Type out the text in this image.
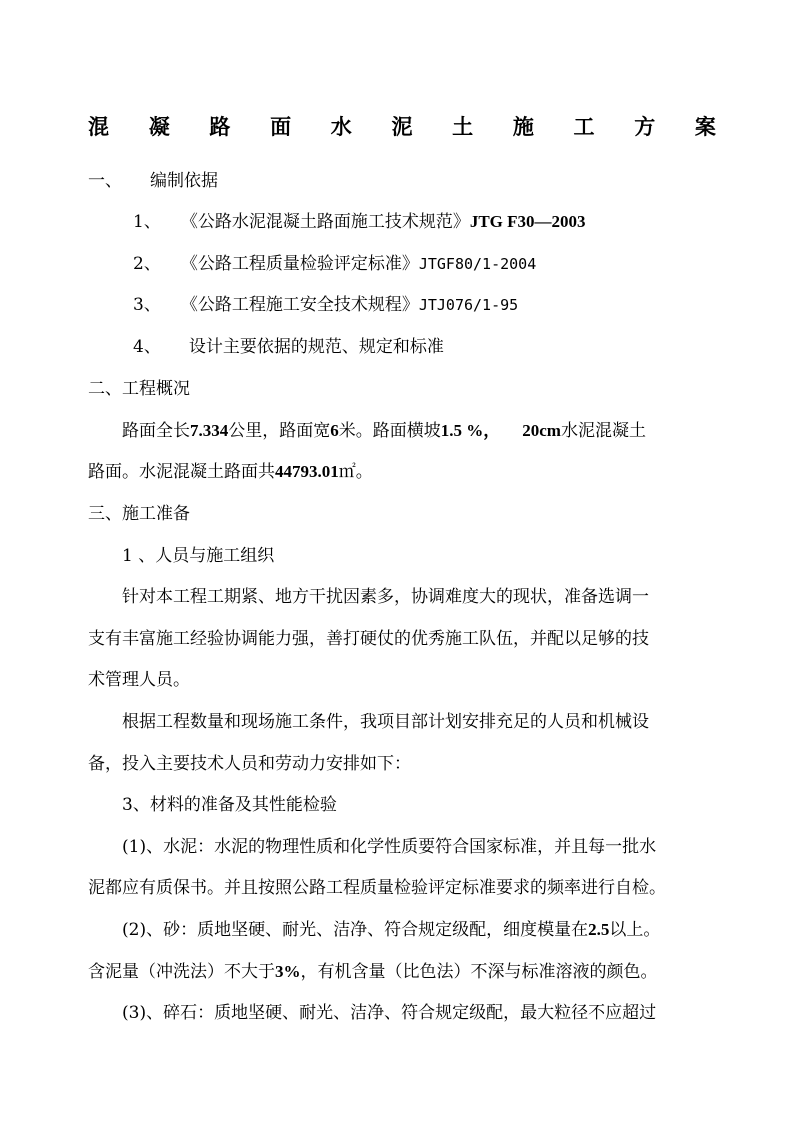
混 凝 路 面 水 泥 土 施 工 方 案
一、 编制依据
1、 《公路水泥混凝土路面施工技术规范》JTG F30—2003
2、 《公路工程质量检验评定标准》JTGF80/1-2004
3、 《公路工程施工安全技术规程》JTJ076/1-95
4、 设计主要依据的规范、规定和标准
二、工程概况
路面全长7.334公里，路面宽6米。路面横坡1.5 %， 20cm水泥混凝土
路面。水泥混凝土路面共44793.01㎡。
三、施工准备
1 、人员与施工组织
针对本工程工期紧、地方干扰因素多，协调难度大的现状，准备选调一
支有丰富施工经验协调能力强，善打硬仗的优秀施工队伍，并配以足够的技
术管理人员。
根据工程数量和现场施工条件，我项目部计划安排充足的人员和机械设
备，投入主要技术人员和劳动力安排如下：
3、材料的准备及其性能检验
(1)、水泥：水泥的物理性质和化学性质要符合国家标准，并且每一批水
泥都应有质保书。并且按照公路工程质量检验评定标准要求的频率进行自检。
(2)、砂：质地坚硬、耐光、洁净、符合规定级配，细度模量在2.5以上。
含泥量（冲洗法）不大于3%，有机含量（比色法）不深与标准溶液的颜色。
(3)、碎石：质地坚硬、耐光、洁净、符合规定级配，最大粒径不应超过
